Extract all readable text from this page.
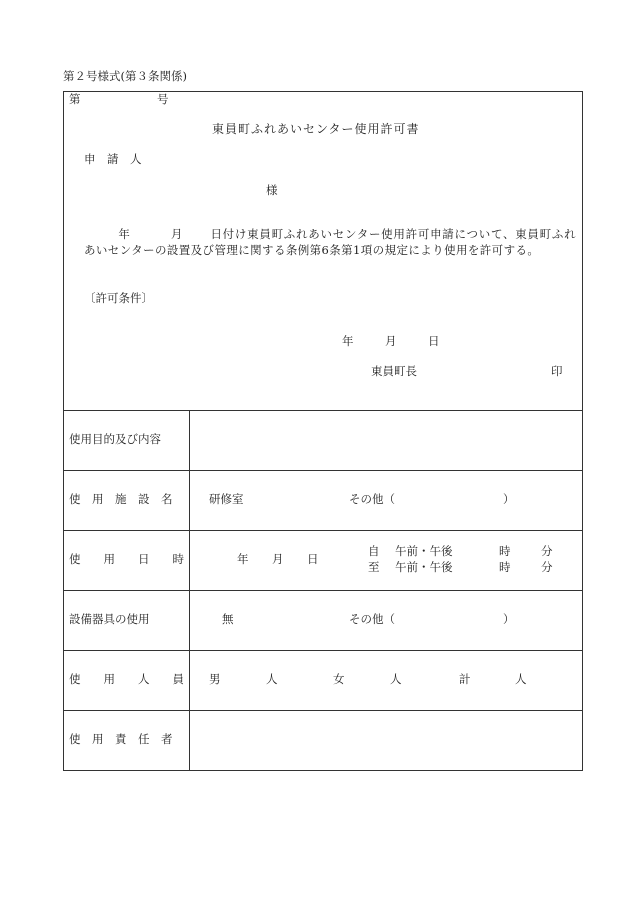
第２号様式(第３条関係)
第	号
東員町ふれあいセンター使用許可書
申　請　人
様
年	月 日付け東員町ふれあいセンター使用許可申請について、東員町ふれあいセンターの設置及び管理に関する条例第6条第1項の規定により使用を許可する。
〔許可条件〕
年	月	日
東員町長	印
使用目的及び内容
使　用　施　設　名	研修室	その他（	）
使　　用　　日　　時	年 月 日
自 午前・午後	時	分
至 午前・午後	時	分
設備器具の使用	無	その他（	）
使　　用　　人　　員 男	人	女	人	計	人
使　用　責　任　者
